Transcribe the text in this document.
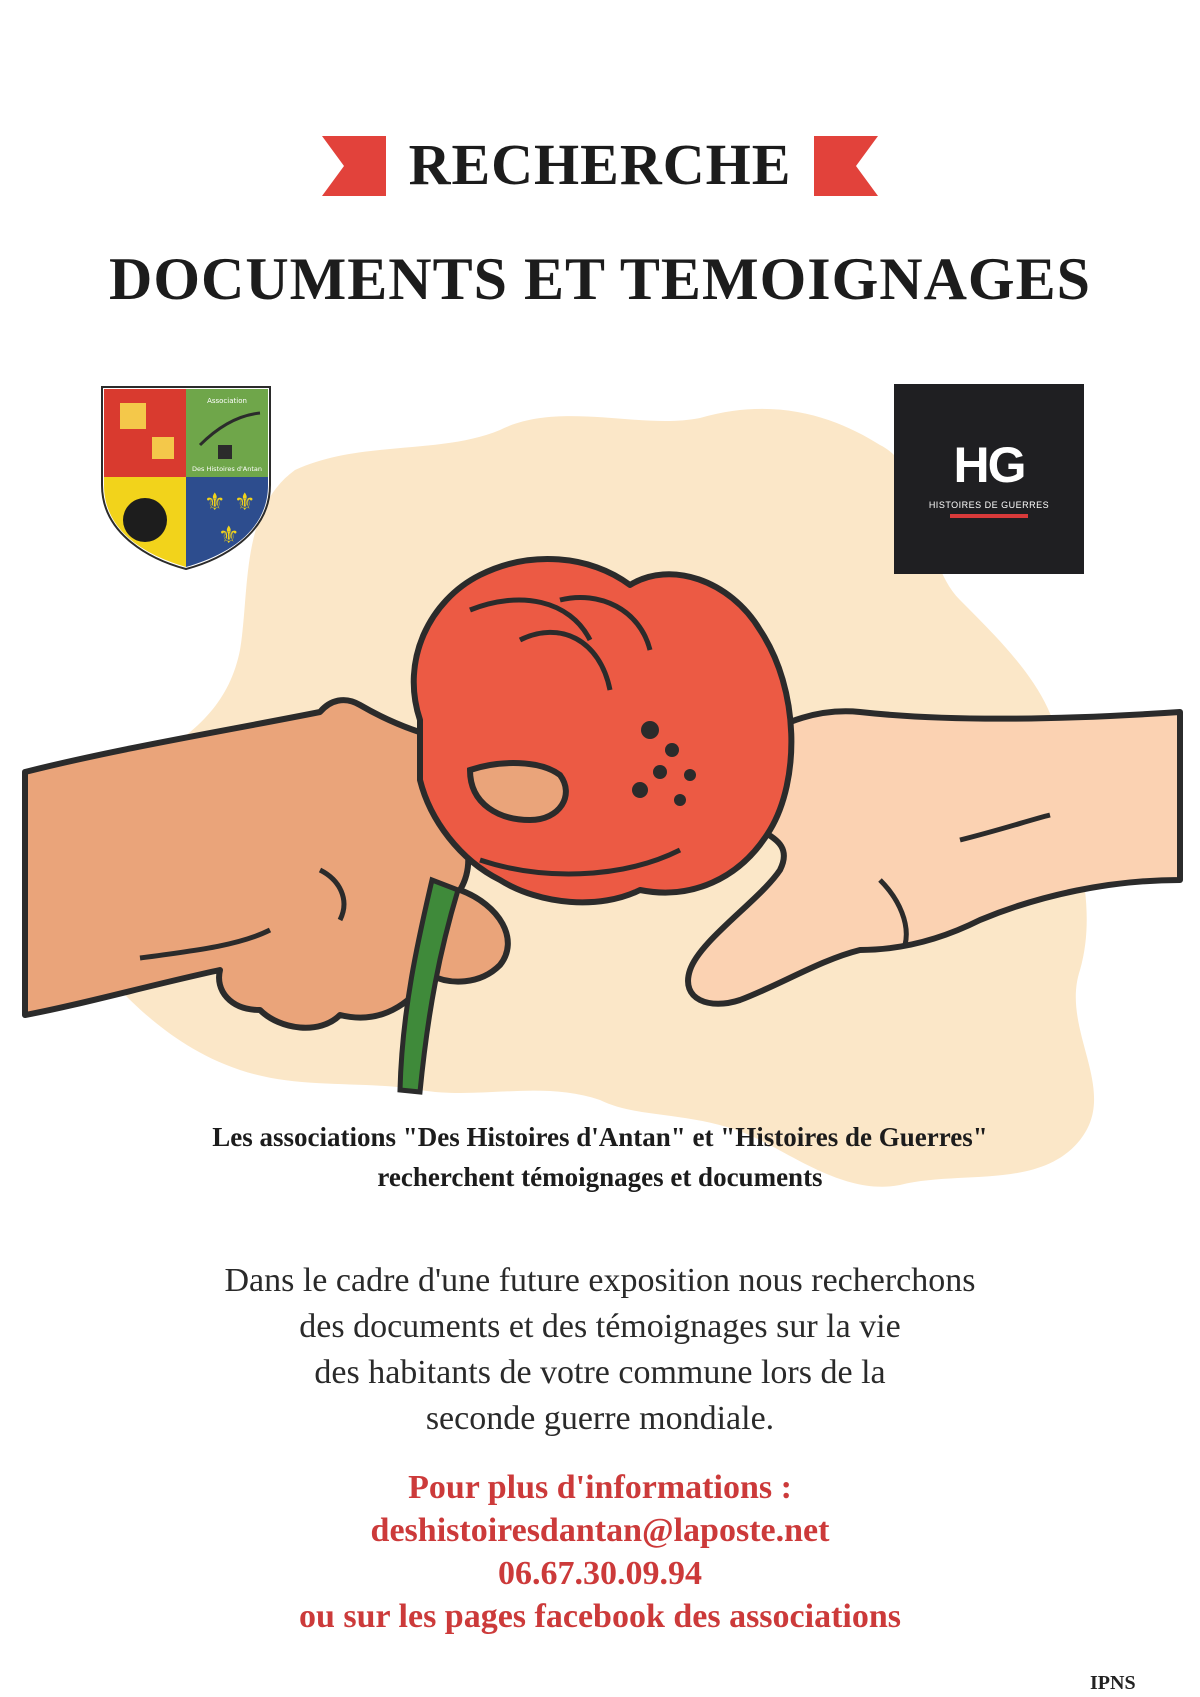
RECHERCHE
DOCUMENTS ET TEMOIGNAGES
Association
Des Histoires d'Antan
⚜ ⚜
⚜
HG
HISTOIRES DE GUERRES
Les associations "Des Histoires d'Antan" et "Histoires de Guerres"
recherchent témoignages et documents
Dans le cadre d'une future exposition nous recherchons
des documents et des témoignages sur la vie
des habitants de votre commune lors de la
seconde guerre mondiale.
Pour plus d'informations :
deshistoiresdantan@laposte.net
06.67.30.09.94
ou sur les pages facebook des associations
IPNS
